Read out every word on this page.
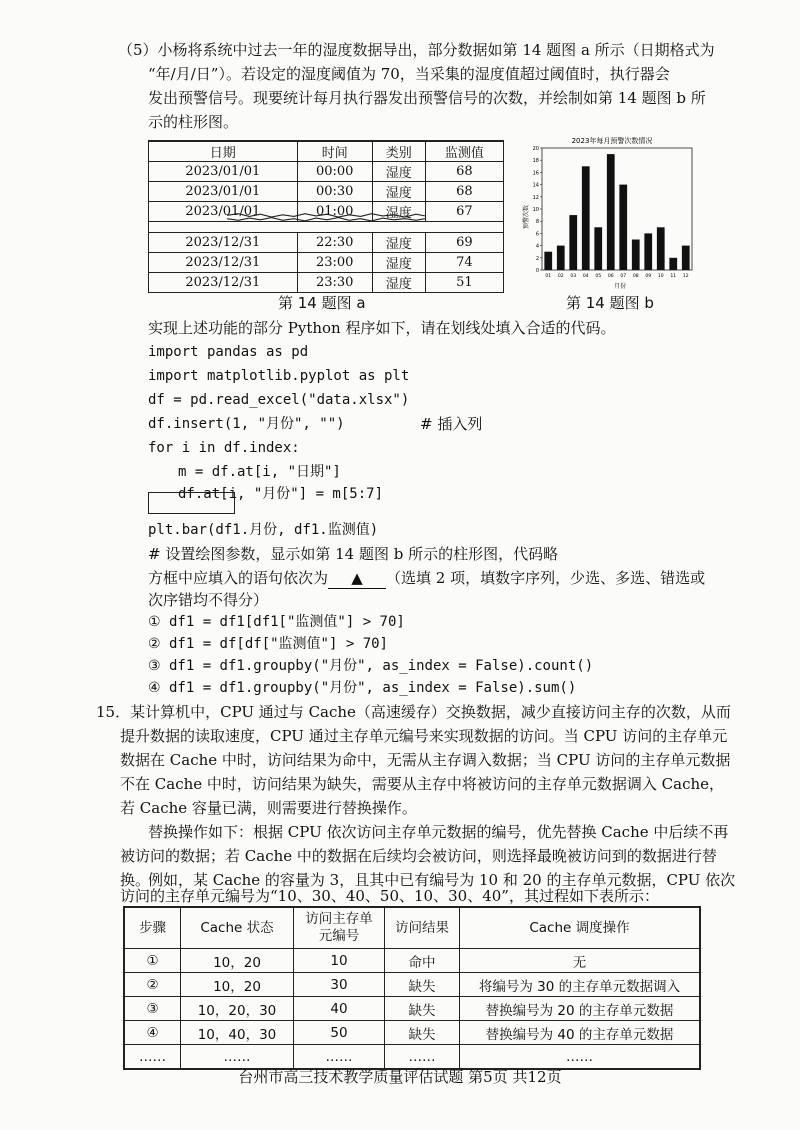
（5）小杨将系统中过去一年的湿度数据导出，部分数据如第 14 题图 a 所示（日期格式为
“年/月/日”）。若设定的湿度阈值为 70，当采集的湿度值超过阈值时，执行器会
发出预警信号。现要统计每月执行器发出预警信号的次数，并绘制如第 14 题图 b 所
示的柱形图。
日期	时间	类别	监测值
2023/01/01	00:00	湿度	68
2023/01/01	00:30	湿度	68
2023/01/01	01:00	湿度	67

2023/12/31	22:30	湿度	69
2023/12/31	23:00	湿度	74
2023/12/31	23:30	湿度	51
第 14 题图 a
2023年每月预警次数情况
预警次数
月份
0
2
4
6
8
10
12
14
16
18
20
01 02 03 04 05 06 07 08 09 10 11 12
第 14 题图 b
实现上述功能的部分 Python 程序如下，请在划线处填入合适的代码。
import pandas as pd
import matplotlib.pyplot as plt
df = pd.read_excel("data.xlsx")
df.insert(1, "月份", "")	# 插入列
for i in df.index:
m = df.at[i, "日期"]
df.at[i, "月份"] = m[5:7]
plt.bar(df1.月份, df1.监测值)
# 设置绘图参数，显示如第 14 题图 b 所示的柱形图，代码略
方框中应填入的语句依次为 ▲ （选填 2 项，填数字序列，少选、多选、错选或
次序错均不得分）
① df1 = df1[df1["监测值"] > 70]
② df1 = df[df["监测值"] > 70]
③ df1 = df1.groupby("月份", as_index = False).count()
④ df1 = df1.groupby("月份", as_index = False).sum()
15．某计算机中，CPU 通过与 Cache（高速缓存）交换数据，减少直接访问主存的次数，从而
提升数据的读取速度，CPU 通过主存单元编号来实现数据的访问。当 CPU 访问的主存单元
数据在 Cache 中时，访问结果为命中，无需从主存调入数据；当 CPU 访问的主存单元数据
不在 Cache 中时，访问结果为缺失，需要从主存中将被访问的主存单元数据调入 Cache，
若 Cache 容量已满，则需要进行替换操作。
替换操作如下：根据 CPU 依次访问主存单元数据的编号，优先替换 Cache 中后续不再
被访问的数据；若 Cache 中的数据在后续均会被访问，则选择最晚被访问到的数据进行替
换。
例如，某 Cache 的容量为 3，且其中已有编号为 10 和 20 的主存单元数据，CPU 依次
访问的主存单元编号为“10、30、40、50、10、30、40”，其过程如下表所示：
步骤	Cache 状态	访问主存单元编号	访问结果	Cache 调度操作
①	10，20	10	命中	无
②	10，20	30	缺失	将编号为 30 的主存单元数据调入
③	10，20，30	40	缺失	替换编号为 20 的主存单元数据
④	10，40，30	50	缺失	替换编号为 40 的主存单元数据
……	……	……	……	……
台州市高三技术教学质量评估试题 第5页 共12页
